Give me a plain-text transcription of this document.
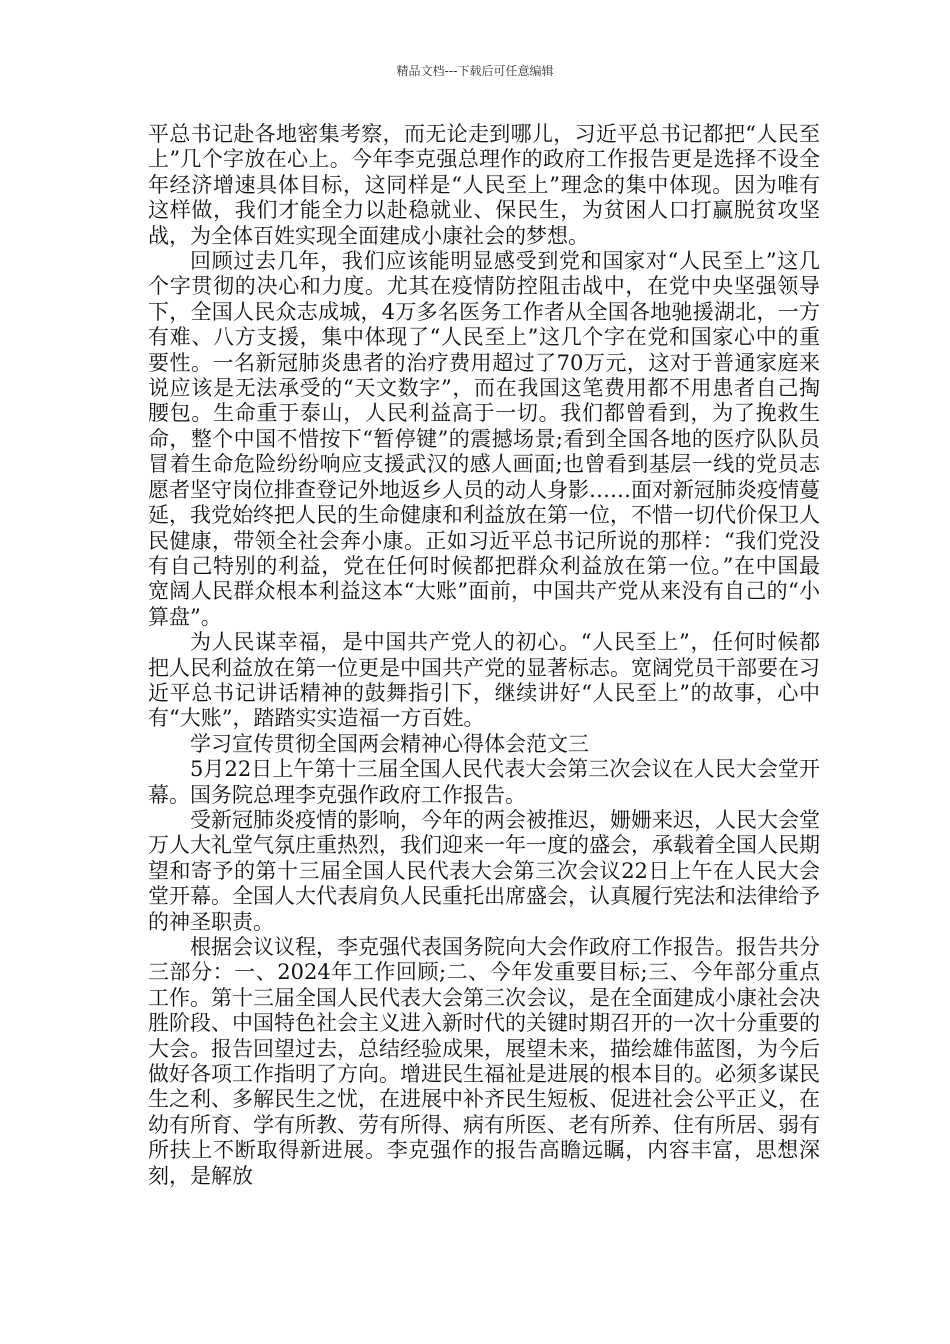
精品文档---下载后可任意编辑

平总书记赴各地密集考察，而无论走到哪儿，习近平总书记都把“人民至上”几个字放在心上。今年李克强总理作的政府工作报告更是选择不设全年经济增速具体目标，这同样是“人民至上”理念的集中体现。因为唯有这样做，我们才能全力以赴稳就业、保民生，为贫困人口打赢脱贫攻坚战，为全体百姓实现全面建成小康社会的梦想。

回顾过去几年，我们应该能明显感受到党和国家对“人民至上”这几个字贯彻的决心和力度。尤其在疫情防控阻击战中，在党中央坚强领导下，全国人民众志成城，4万多名医务工作者从全国各地驰援湖北，一方有难、八方支援，集中体现了“人民至上”这几个字在党和国家心中的重要性。一名新冠肺炎患者的治疗费用超过了70万元，这对于普通家庭来说应该是无法承受的“天文数字”，而在我国这笔费用都不用患者自己掏腰包。生命重于泰山，人民利益高于一切。我们都曾看到，为了挽救生命，整个中国不惜按下“暂停键”的震撼场景;看到全国各地的医疗队队员冒着生命危险纷纷响应支援武汉的感人画面;也曾看到基层一线的党员志愿者坚守岗位排查登记外地返乡人员的动人身影……面对新冠肺炎疫情蔓延，我党始终把人民的生命健康和利益放在第一位，不惜一切代价保卫人民健康，带领全社会奔小康。正如习近平总书记所说的那样：“我们党没有自己特别的利益，党在任何时候都把群众利益放在第一位。”在中国最宽阔人民群众根本利益这本“大账”面前，中国共产党从来没有自己的“小算盘”。

为人民谋幸福，是中国共产党人的初心。“人民至上”，任何时候都把人民利益放在第一位更是中国共产党的显著标志。宽阔党员干部要在习近平总书记讲话精神的鼓舞指引下，继续讲好“人民至上”的故事，心中有“大账”，踏踏实实造福一方百姓。

学习宣传贯彻全国两会精神心得体会范文三

5月22日上午第十三届全国人民代表大会第三次会议在人民大会堂开幕。国务院总理李克强作政府工作报告。

受新冠肺炎疫情的影响，今年的两会被推迟，姗姗来迟，人民大会堂万人大礼堂气氛庄重热烈，我们迎来一年一度的盛会，承载着全国人民期望和寄予的第十三届全国人民代表大会第三次会议22日上午在人民大会堂开幕。全国人大代表肩负人民重托出席盛会，认真履行宪法和法律给予的神圣职责。

根据会议议程，李克强代表国务院向大会作政府工作报告。报告共分三部分：一、2024年工作回顾;二、今年发重要目标;三、今年部分重点工作。第十三届全国人民代表大会第三次会议，是在全面建成小康社会决胜阶段、中国特色社会主义进入新时代的关键时期召开的一次十分重要的大会。报告回望过去，总结经验成果，展望未来，描绘雄伟蓝图，为今后做好各项工作指明了方向。增进民生福祉是进展的根本目的。必须多谋民生之利、多解民生之忧，在进展中补齐民生短板、促进社会公平正义，在幼有所育、学有所教、劳有所得、病有所医、老有所养、住有所居、弱有所扶上不断取得新进展。李克强作的报告高瞻远瞩，内容丰富，思想深刻，是解放
